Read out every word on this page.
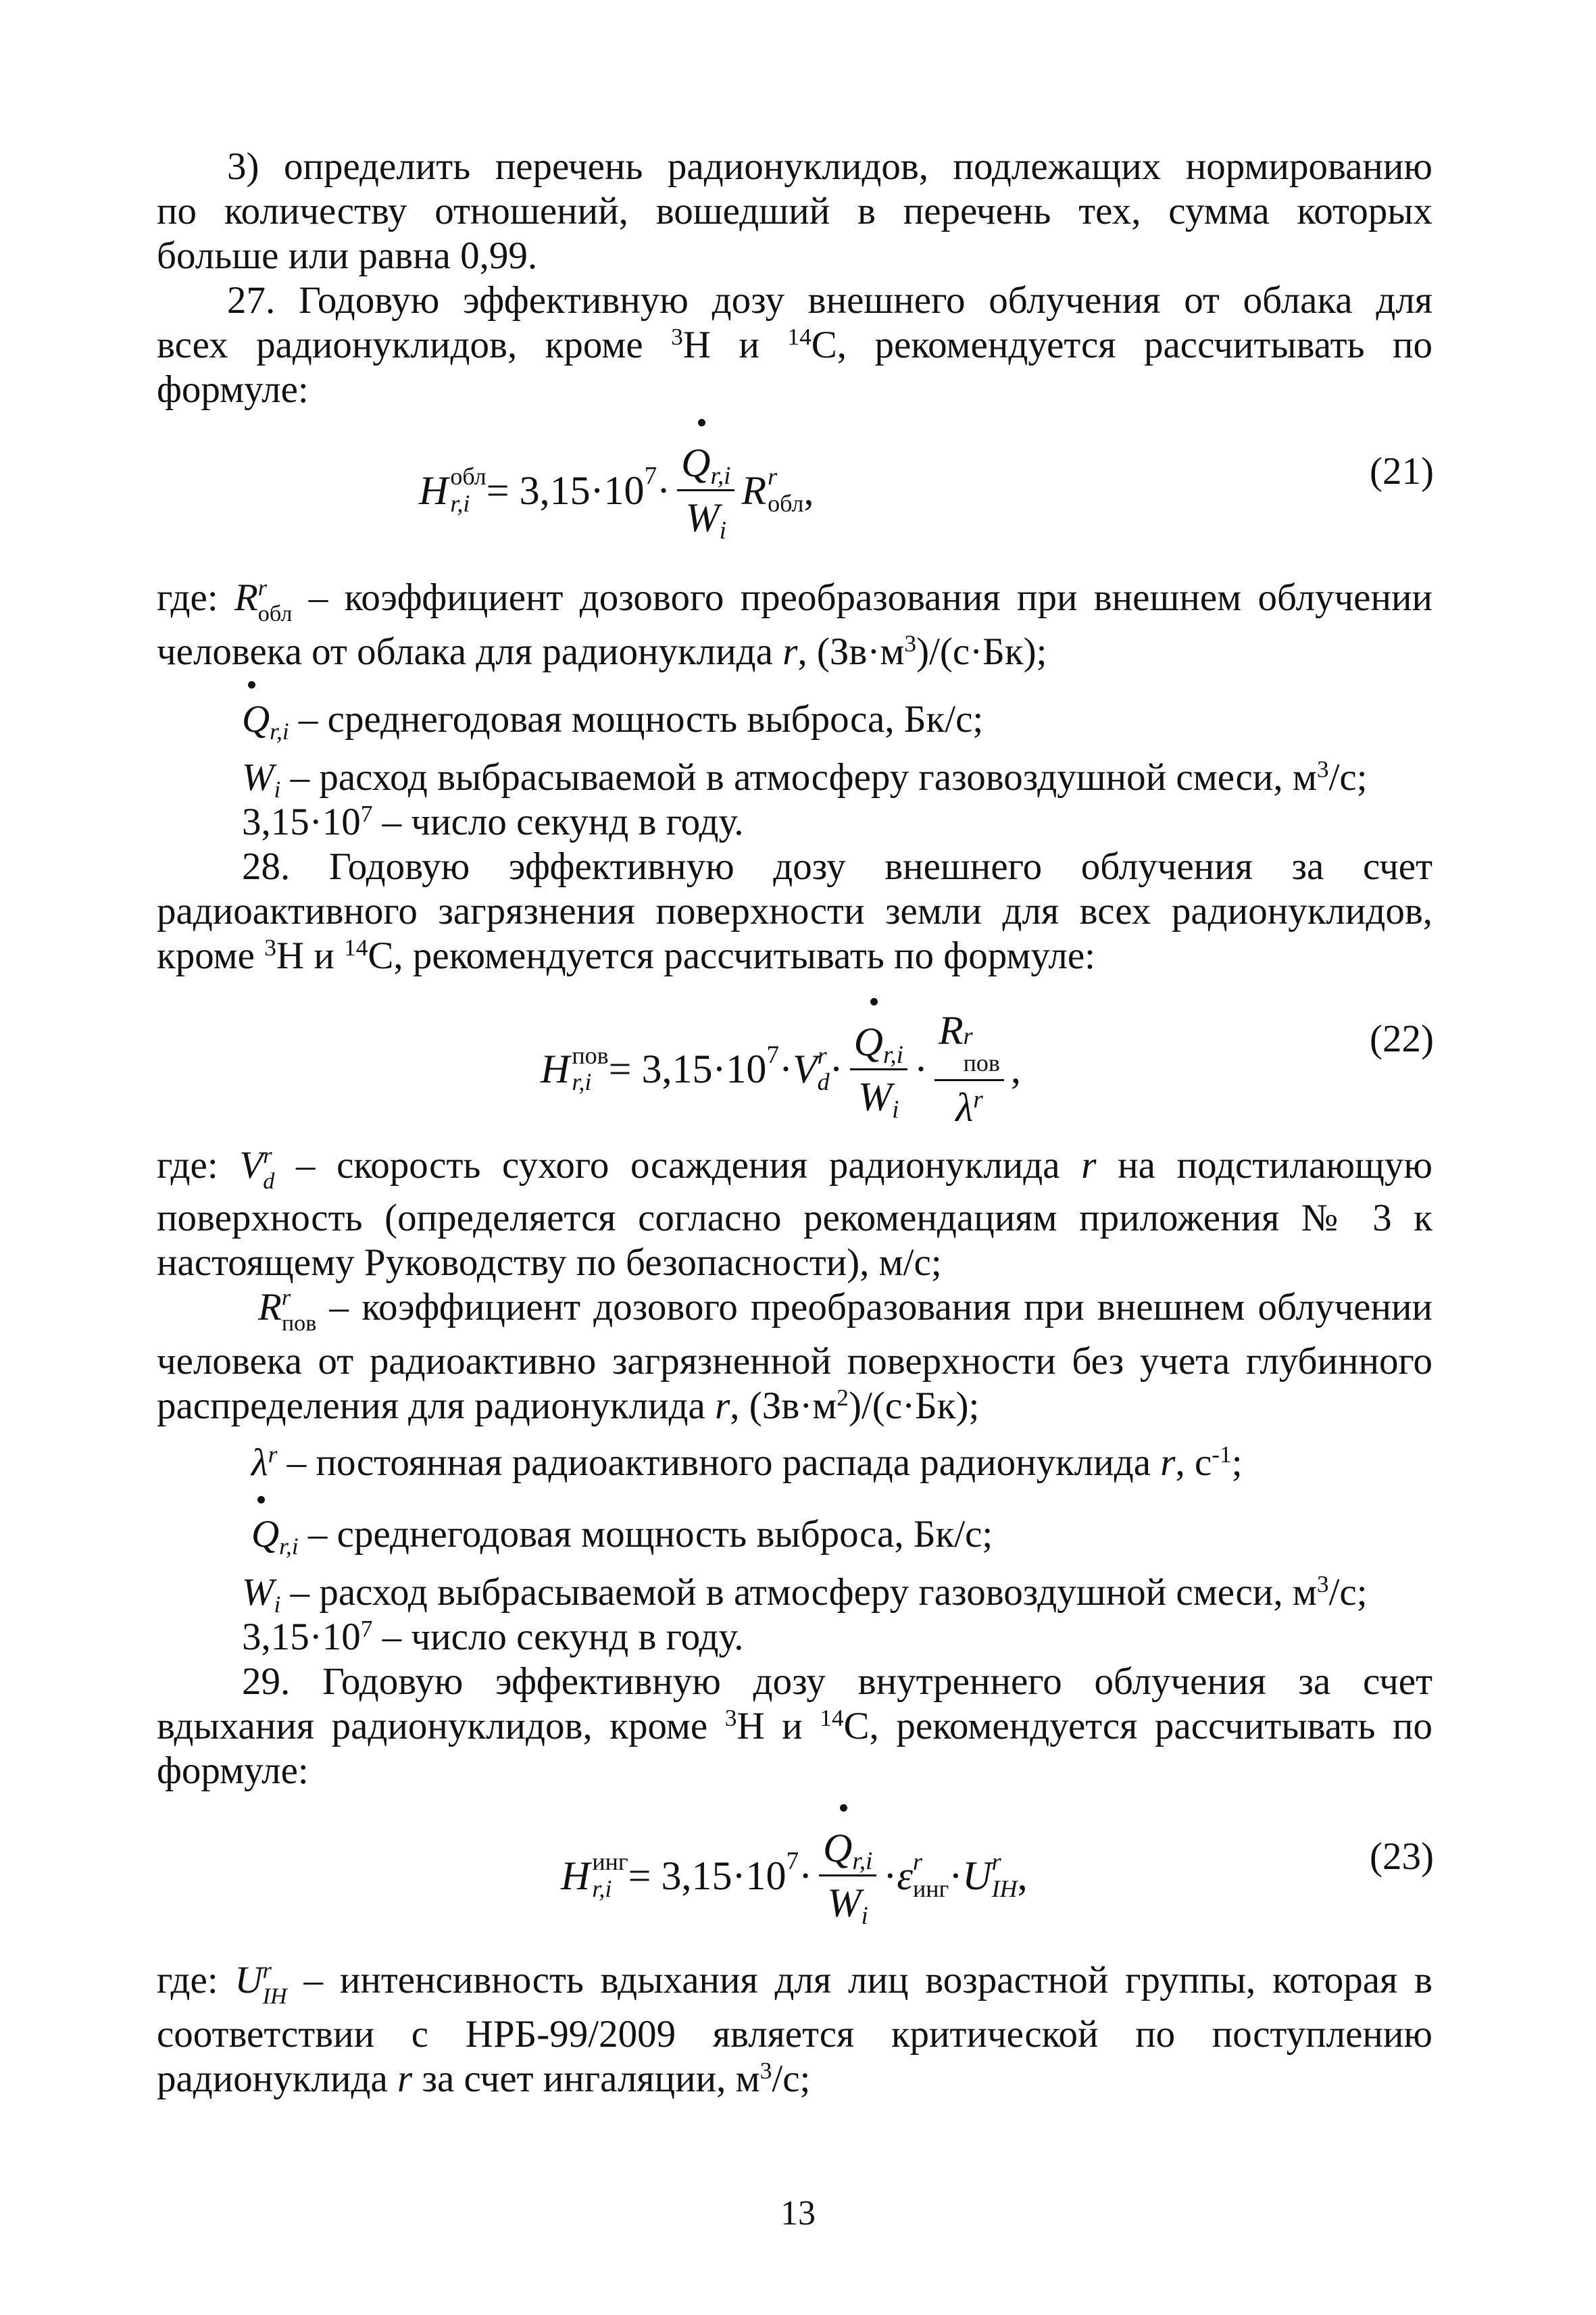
3) определить перечень радионуклидов, подлежащих нормированию
по количеству отношений, вошедший в перечень тех, сумма которых
больше или равна 0,99.
27. Годовую эффективную дозу внешнего облучения от облака для
всех радионуклидов, кроме $^3$Н и $^{14}$С, рекомендуется рассчитывать по
формуле:
H обл
$r,i = 3,15\cdot 10^7 \cdot \frac{Q_{r,i}}{W_i}$ R r
обл ,	(21)
где: R r
обл – коэффициент дозового преобразования при внешнем облучении
человека от облака для радионуклида r, $(Зв\cdot м^3)/(с\cdot Бк)$;
$Q_{r,i}$ – среднегодовая мощность выброса, Бк/с;
$W_i$ – расход выбрасываемой в атмосферу газовоздушной смеси, $м^3/с$;
$3,15\cdot 10^7$ – число секунд в году.
28. Годовую эффективную дозу внешнего облучения за счет
радиоактивного загрязнения поверхности земли для всех радионуклидов,
кроме $^3$Н и $^{14}$С, рекомендуется рассчитывать по формуле:
H пов
$r,i = 3,15\cdot 10^7 \cdot V$ r
$d \cdot \frac{Q_{r,i}}{W_i} \cdot R$ r
пов
$\lambda^r$ ,
(22)
где: V r
d – скорость сухого осаждения радионуклида r на подстилающую
поверхность (определяется согласно рекомендациям приложения № 3 к
настоящему Руководству по безопасности), м/с;
R r
пов – коэффициент дозового преобразования при внешнем облучении
человека от радиоактивно загрязненной поверхности без учета глубинного
распределения для радионуклида r, $(Зв\cdot м^2)/(с\cdot Бк)$;
$\lambda^r$ – постоянная радиоактивного распада радионуклида r, $с^{-1}$;
$Q_{r,i}$ – среднегодовая мощность выброса, Бк/с;
$W_i$ – расход выбрасываемой в атмосферу газовоздушной смеси, $м^3/с$;
$3,15\cdot 10^7$ – число секунд в году.
29. Годовую эффективную дозу внутреннего облучения за счет
вдыхания радионуклидов, кроме $^3$Н и $^{14}$С, рекомендуется рассчитывать по
формуле:
H инг
$r,i = 3,15\cdot 10^7 \cdot \frac{Q_{r,i}}{W_i} \cdot \varepsilon$ r
инг · U r
IH ,	(23)
где: U r
IH – интенсивность вдыхания для лиц возрастной группы, которая в
соответствии с НРБ-99/2009 является критической по поступлению
радионуклида r за счет ингаляции, $м^3/с$;
13
